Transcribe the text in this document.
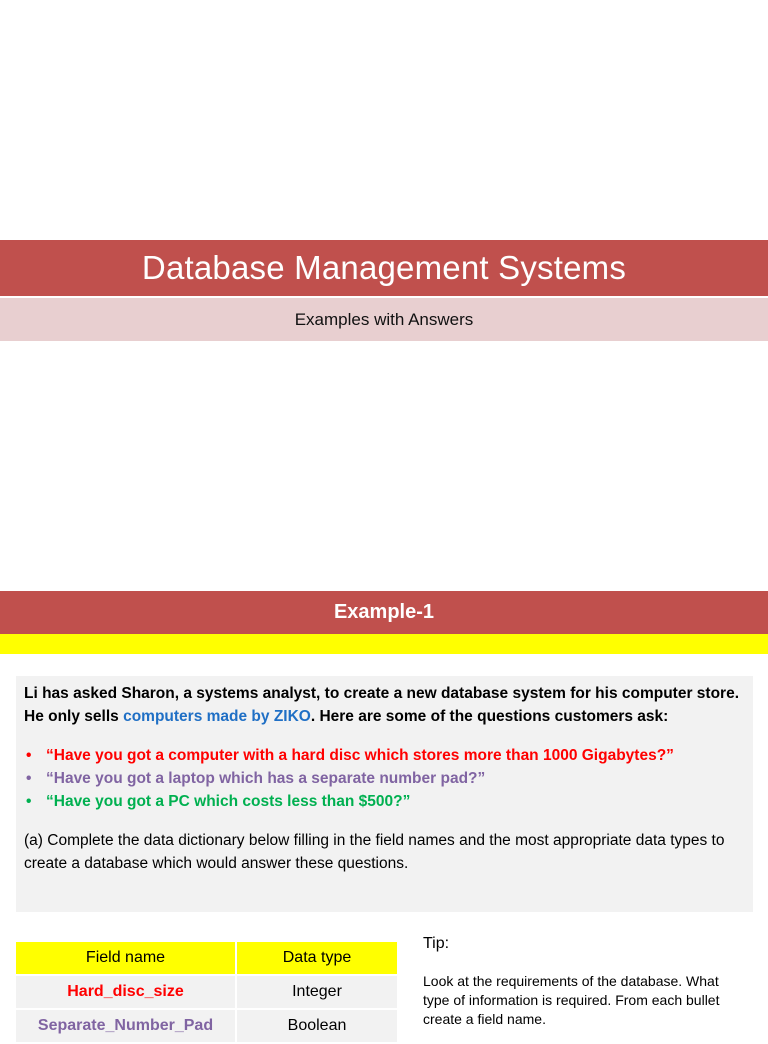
Database Management Systems
Examples with Answers
Example-1

Li has asked Sharon, a systems analyst, to create a new database system for his computer store. He only sells computers made by ZIKO. Here are some of the questions customers ask:

• “Have you got a computer with a hard disc which stores more than 1000 Gigabytes?”
• “Have you got a laptop which has a separate number pad?”
• “Have you got a PC which costs less than $500?”

(a) Complete the data dictionary below filling in the field names and the most appropriate data types to create a database which would answer these questions.

Field name	Data type
Hard_disc_size	Integer
Separate_Number_Pad	Boolean
Tip:
Look at the requirements of the database. What type of information is required. From each bullet create a field name.
